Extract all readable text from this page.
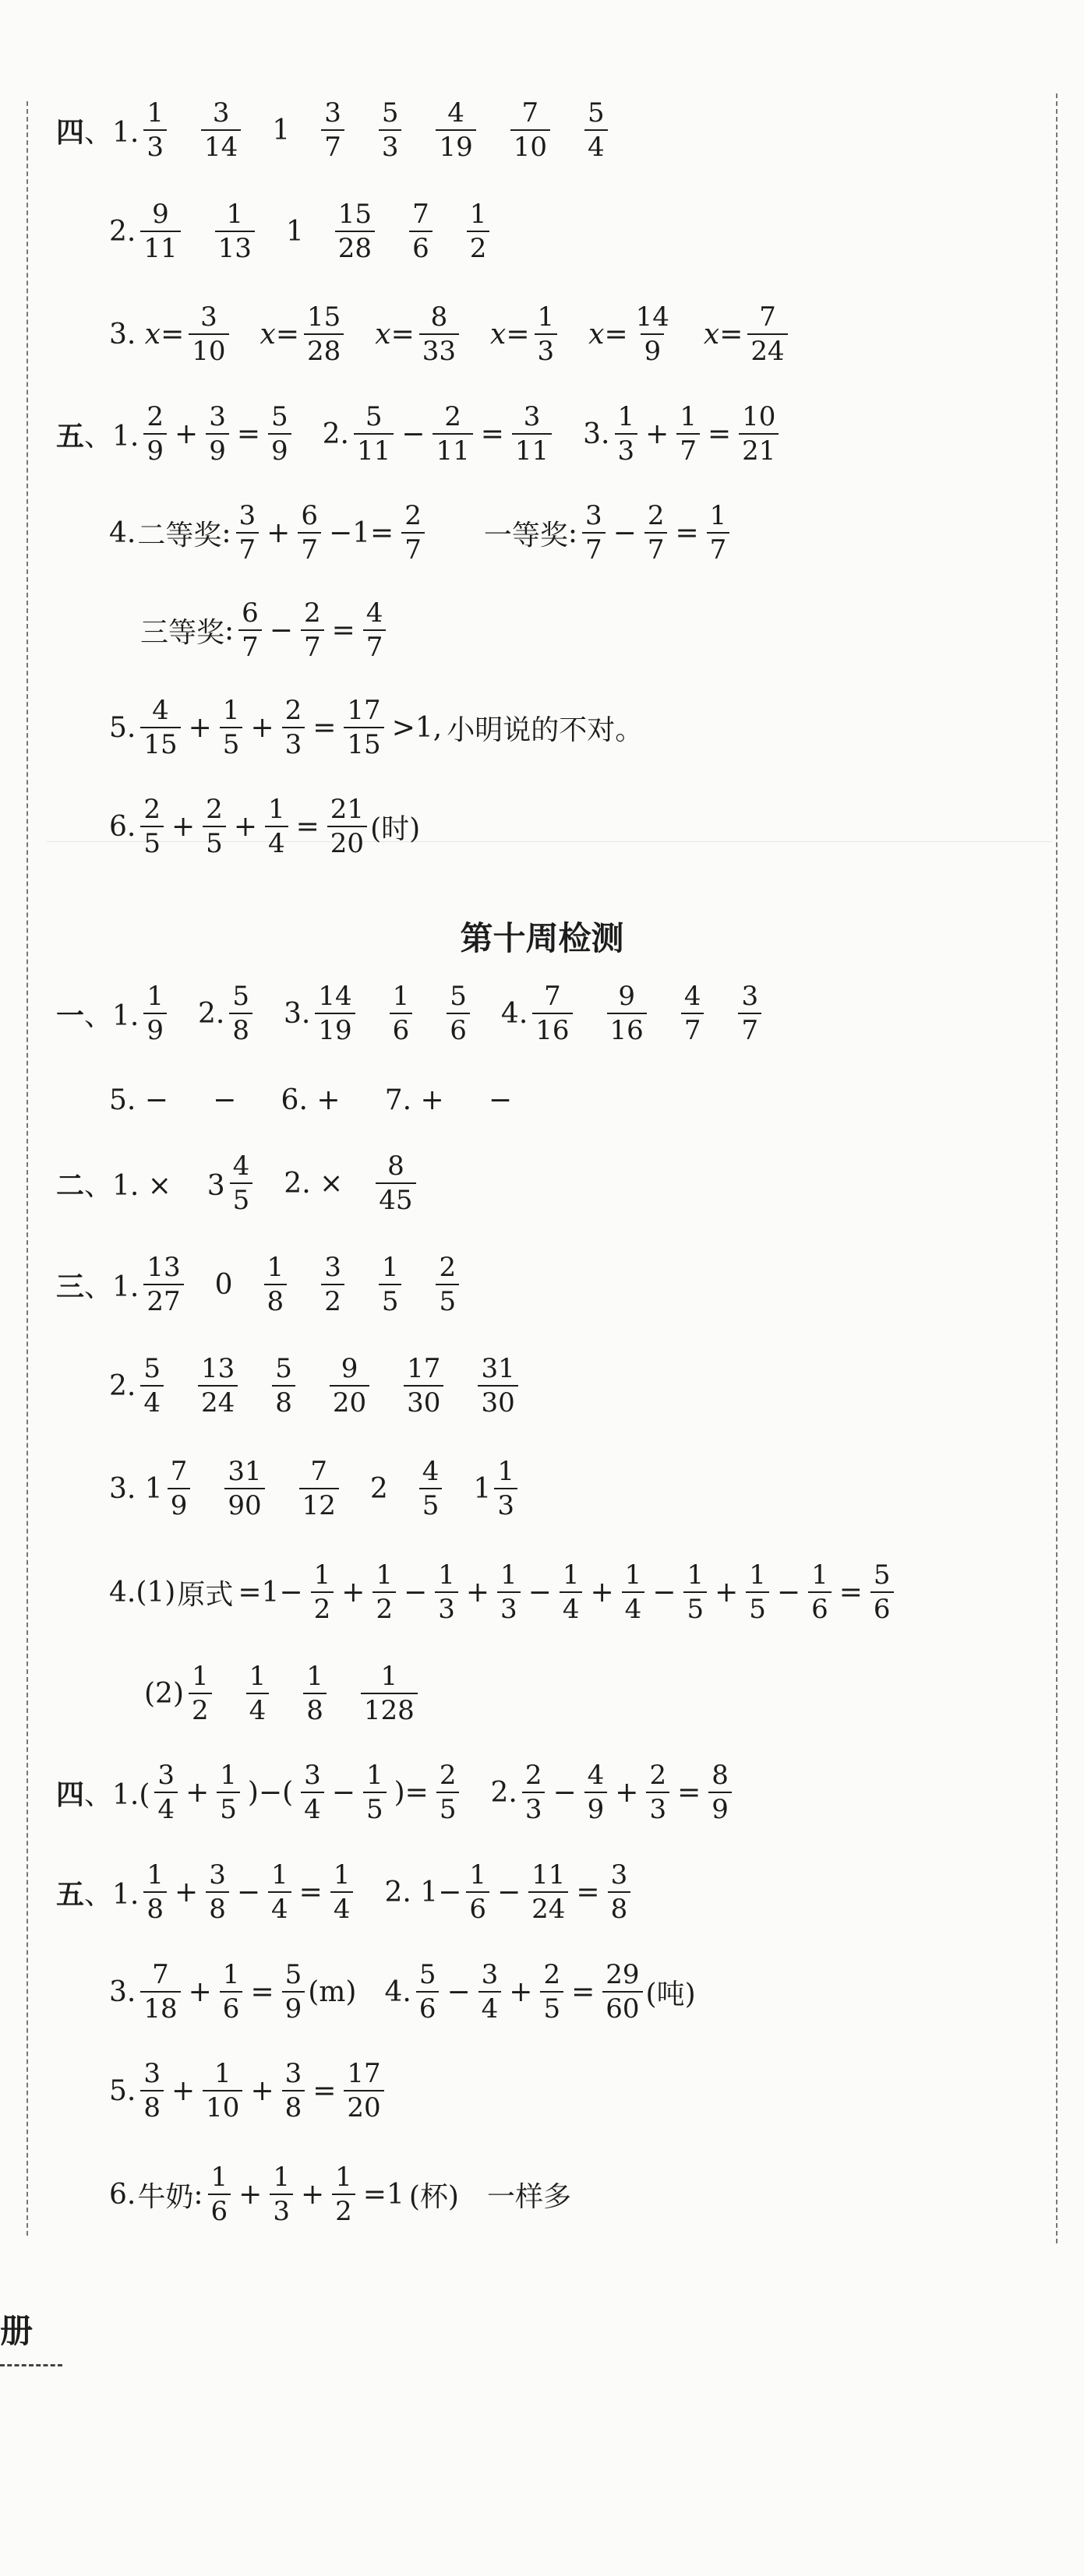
四 、1. $\frac{1}{3} \frac{3}{14} 1 \frac{3}{7} \frac{5}{3} \frac{4}{19} \frac{7}{10} \frac{5}{4}$
2. $\frac{9}{11} \frac{1}{13} 1 \frac{15}{28} \frac{7}{6} \frac{1}{2}$
3. $x= \frac{3}{10} x= \frac{15}{28} x= \frac{8}{33} x= \frac{1}{3} x= \frac{14}{9} x= \frac{7}{24}$
五 、1. $\frac{2}{9} + \frac{3}{9} = \frac{5}{9} 2$. $\frac{5}{11} - \frac{2}{11} = \frac{3}{11} 3$. $\frac{1}{3} + \frac{1}{7} = \frac{10}{21}$
4. 二等奖 : $\frac{3}{7} + \frac{6}{7} -1= \frac{2}{7}$ 一等奖 : $\frac{3}{7} - \frac{2}{7} = \frac{1}{7}$
三等奖 : $\frac{6}{7} - \frac{2}{7} = \frac{4}{7}$
5. $\frac{4}{15} + \frac{1}{5} + \frac{2}{3} = \frac{17}{15} >1$, 小明说的不对。
6. $\frac{2}{5} + \frac{2}{5} + \frac{1}{4} = \frac{21}{20}$ (时)
第十周检测
一 、1. $\frac{1}{9} 2$. $\frac{5}{8} 3$. $\frac{14}{19} \frac{1}{6} \frac{5}{6} 4$. $\frac{7}{16} \frac{9}{16} \frac{4}{7} \frac{3}{7}$
5. −     −     6. +     7. +     −
二 、1. ×    $3 \frac{4}{5} 2$. × $\frac{8}{45}$
三 、1. $\frac{13}{27} 0 \frac{1}{8} \frac{3}{2} \frac{1}{5} \frac{2}{5}$
2. $\frac{5}{4} \frac{13}{24} \frac{5}{8} \frac{9}{20} \frac{17}{30} \frac{31}{30}$
3. $1 \frac{7}{9} \frac{31}{90} \frac{7}{12} 2 \frac{4}{5} 1 \frac{1}{3}$
4.(1) 原式 $=1- \frac{1}{2} + \frac{1}{2} - \frac{1}{3} + \frac{1}{3} - \frac{1}{4} + \frac{1}{4} - \frac{1}{5} + \frac{1}{5} - \frac{1}{6} = \frac{5}{6}$
$(2) \frac{1}{2} \frac{1}{4} \frac{1}{8} \frac{1}{128}$
四 、$1.( \frac{3}{4} + \frac{1}{5}$ )−( $\frac{3}{4} - \frac{1}{5}$ )= $\frac{2}{5} 2$. $\frac{2}{3} - \frac{4}{9} + \frac{2}{3} = \frac{8}{9}$
五 、1. $\frac{1}{8} + \frac{3}{8} - \frac{1}{4} = \frac{1}{4} 2$. $1- \frac{1}{6} - \frac{11}{24} = \frac{3}{8}$
3. $\frac{7}{18} + \frac{1}{6} = \frac{5}{9} (m)$ 4. $\frac{5}{6} - \frac{3}{4} + \frac{2}{5} = \frac{29}{60}$ (吨)
5. $\frac{3}{8} + \frac{1}{10} + \frac{3}{8} = \frac{17}{20}$
6. 牛奶 : $\frac{1}{6} + \frac{1}{3} + \frac{1}{2} =1$ (杯) 一样多
册
